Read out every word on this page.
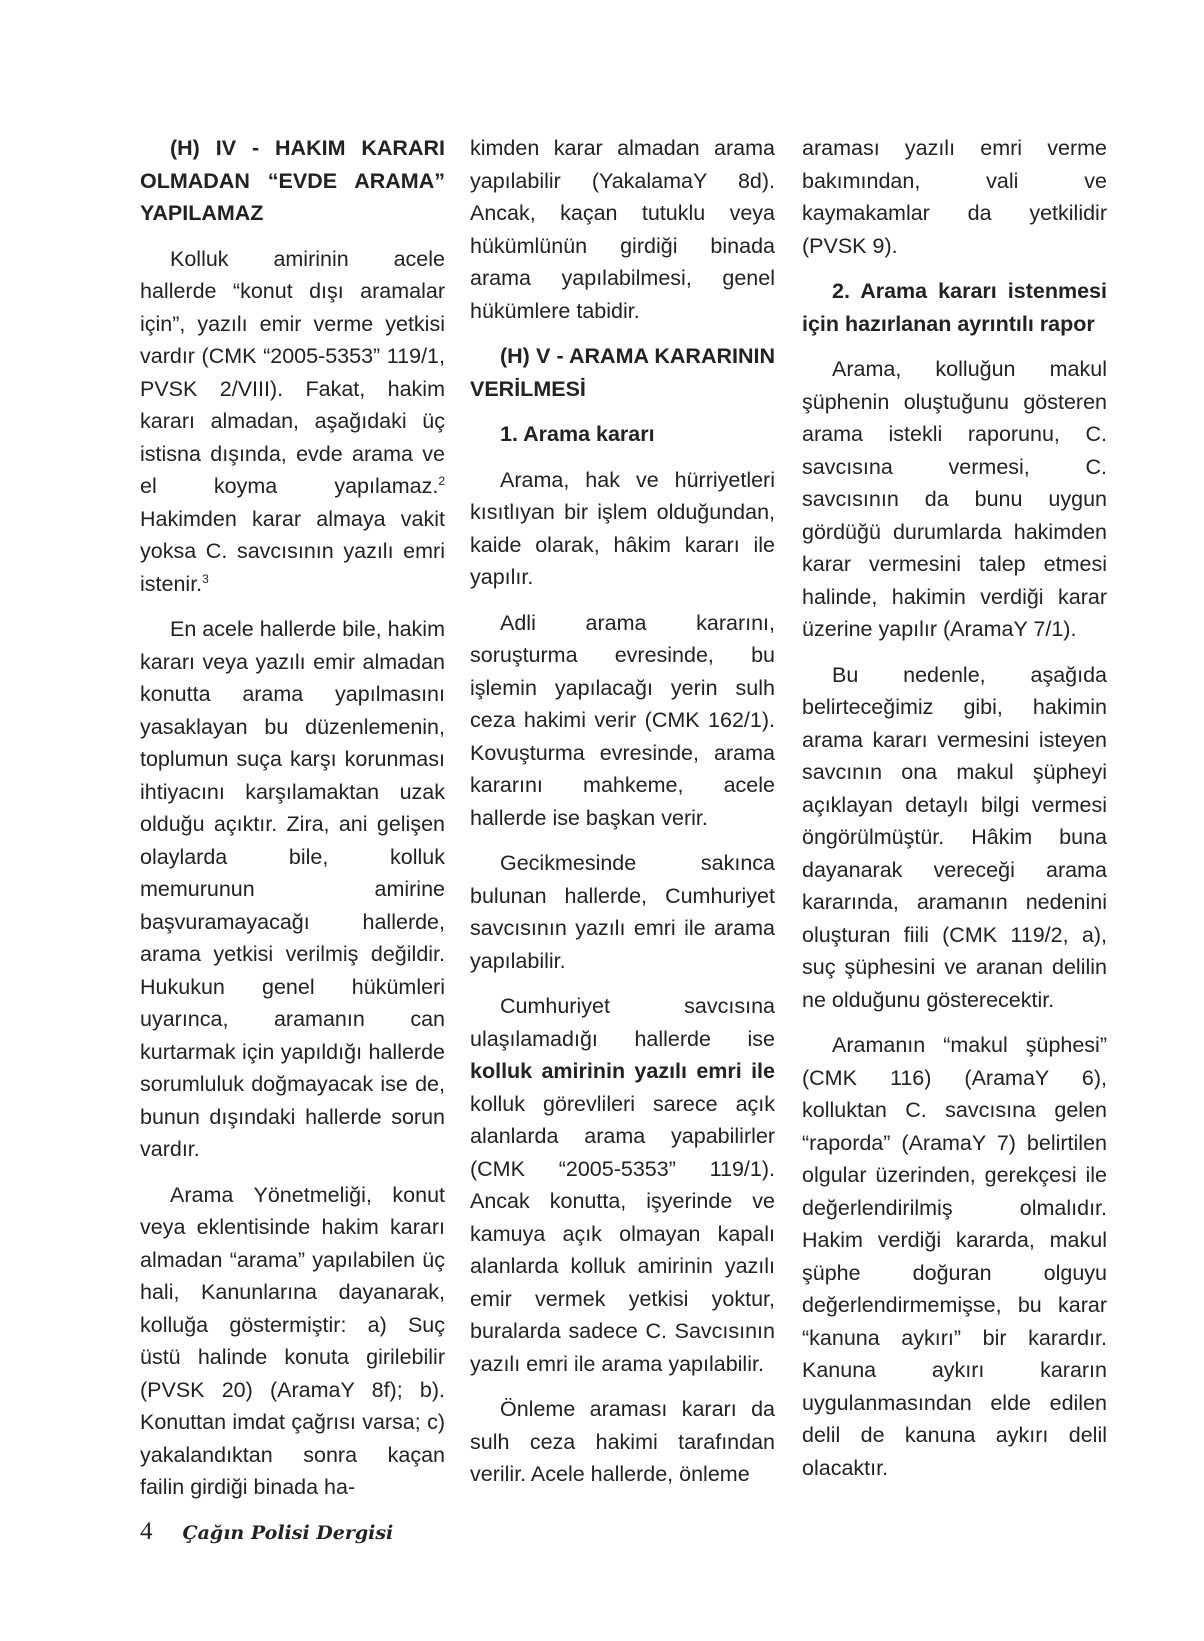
(H) IV - HAKIM KARARI OLMADAN “EVDE ARAMA” YAPILAMAZ

Kolluk amirinin acele hallerde “konut dışı aramalar için”, yazılı emir verme yetkisi vardır (CMK “2005-5353” 119/1, PVSK 2/VIII). Fakat, hakim kararı almadan, aşağıdaki üç istisna dışında, evde arama ve el koyma yapılamaz.$^2$ Hakimden karar almaya vakit yoksa C. savcısının yazılı emri istenir.$^3$

En acele hallerde bile, hakim kararı veya yazılı emir almadan konutta arama yapılmasını yasaklayan bu düzenlemenin, toplumun suça karşı korunması ihtiyacını karşılamaktan uzak olduğu açıktır. Zira, ani gelişen olaylarda bile, kolluk memurunun amirine başvuramayacağı hallerde, arama yetkisi verilmiş değildir. Hukukun genel hükümleri uyarınca, aramanın can kurtarmak için yapıldığı hallerde sorumluluk doğmayacak ise de, bunun dışındaki hallerde sorun vardır.

Arama Yönetmeliği, konut veya eklentisinde hakim kararı almadan “arama” yapılabilen üç hali, Kanunlarına dayanarak, kolluğa göstermiştir: a) Suç üstü halinde konuta girilebilir (PVSK 20) (AramaY 8f); b). Konuttan imdat çağrısı varsa; c) yakalandıktan sonra kaçan failin girdiği binada ha-

kimden karar almadan arama yapılabilir (YakalamaY 8d). Ancak, kaçan tutuklu veya hükümlünün girdiği binada arama yapılabilmesi, genel hükümlere tabidir.

(H) V - ARAMA KARARININ VERİLMESİ
1. Arama kararı

Arama, hak ve hürriyetleri kısıtlıyan bir işlem olduğundan, kaide olarak, hâkim kararı ile yapılır.

Adli arama kararını, soruşturma evresinde, bu işlemin yapılacağı yerin sulh ceza hakimi verir (CMK 162/1). Kovuşturma evresinde, arama kararını mahkeme, acele hallerde ise başkan verir.

Gecikmesinde sakınca bulunan hallerde, Cumhuriyet savcısının yazılı emri ile arama yapılabilir.

Cumhuriyet savcısına ulaşılamadığı hallerde ise kolluk amirinin yazılı emri ile kolluk görevlileri sarece açık alanlarda arama yapabilirler (CMK “2005-5353” 119/1). Ancak konutta, işyerinde ve kamuya açık olmayan kapalı alanlarda kolluk amirinin yazılı emir vermek yetkisi yoktur, buralarda sadece C. Savcısının yazılı emri ile arama yapılabilir.

Önleme araması kararı da sulh ceza hakimi tarafından verilir. Acele hallerde, önleme

araması yazılı emri verme bakımından, vali ve kaymakamlar da yetkilidir (PVSK 9).

2. Arama kararı istenmesi için hazırlanan ayrıntılı rapor

Arama, kolluğun makul şüphenin oluştuğunu gösteren arama istekli raporunu, C. savcısına vermesi, C. savcısının da bunu uygun gördüğü durumlarda hakimden karar vermesini talep etmesi halinde, hakimin verdiği karar üzerine yapılır (AramaY 7/1).

Bu nedenle, aşağıda belirteceğimiz gibi, hakimin arama kararı vermesini isteyen savcının ona makul şüpheyi açıklayan detaylı bilgi vermesi öngörülmüştür. Hâkim buna dayanarak vereceği arama kararında, aramanın nedenini oluşturan fiili (CMK 119/2, a), suç şüphesini ve aranan delilin ne olduğunu gösterecektir.

Aramanın “makul şüphesi” (CMK 116) (AramaY 6), kolluktan C. savcısına gelen “raporda” (AramaY 7) belirtilen olgular üzerinden, gerekçesi ile değerlendirilmiş olmalıdır. Hakim verdiği kararda, makul şüphe doğuran olguyu değerlendirmemişse, bu karar “kanuna aykırı” bir karardır. Kanuna aykırı kararın uygulanmasından elde edilen delil de kanuna aykırı delil olacaktır.

4 Çağın Polisi Dergisi
